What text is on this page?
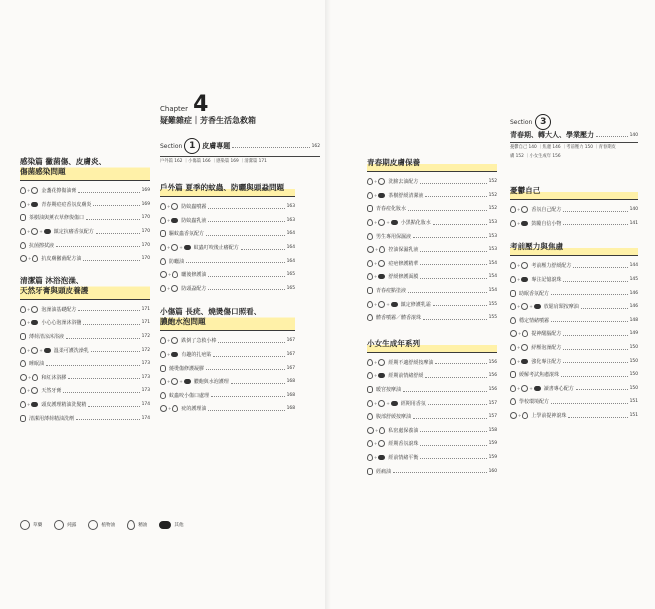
感染篇 黴菌傷、皮膚炎、
傷菌感染問題
+ 金盞花擦傷油膏	169
+ 青春期痘痘香氛皮膚炎	169
茶樹油與薰衣草修復傷口	170
+ + 鎮定抗癢香氛配方	170
抗菌擦拭液	170
+ 抗皮膚黴菌配方油	170
清潔篇 沐浴泡澡、
天然牙膏與頭皮養護
+ 泡澡油基礎配方	171
+ 小心心泡澡沐浴鹽	171
薄荷清涼沐浴液	172
+ + 溫柔可護洗澡乳	172
睡眠油	173
+ 和紅沐浴膠	173
+ 天然牙膏	173
+ 頭皮護理精油洗髮精	174
清潔用薄荷精油洗劑	174
Chapter 4
疑難雜症｜芳香生活急救箱
Section 1 皮膚專題	162
戶外篇 162 ｜小傷篇 166 ｜感染篇 169 ｜清潔篇 171
戶外篇 夏季的蚊蟲、防曬與頭蝨問題
+ 防蚊蟲噴霧	163
+ 防蚊蟲乳液	163
驅蚊蟲香氛配方	164
+ + 蚊蟲叮咬後止癢配方	164
防曬油	164
+ 曬後修護油	165
+ 防頭蝨配方	165
小傷篇 長疣、燒燙傷口照看、
膿皰水泡問題
+ 跌倒了急救小棒	167
+ 有趣的扎疤貼	167
燒燙傷修護凝膠	167
+ + 膿皰與水泡護理	168
蚊蟲咬小傷口處理	168
+ 疣的護理油	168
青春期皮膚保養
+ 洗臉去油配方	152
+ 茶樹舒緩清潔液	152
青春痘化妝水	152
+ + 小黑點化妝水	153
男生專用保濕液	153
+ 控油保濕乳液	153
+ 痘疤修護精華	154
+ 舒緩修護面膜	154
青春痘點塗液	154
+ + 鎮定修護乳霜	155
體香噴霧／體香滾珠	155
小女生成年系列
+ 經期不適舒緩按摩油	156
+ 經期前情緒舒緩	156
暖宮按摩油	156
+ + 經期用香氛	157
腹部舒緩按摩油	157
+ 私密處保養油	158
+ 經期香氛滾珠	159
+ 經前情緒平衡	159
經痛油	160
Section 3
青春期、轉大人、學業壓力	140
憂鬱自己 140 ｜焦慮 146 ｜考前壓力 150 ｜青春期皮
膚 152 ｜小女生成年 156
憂鬱自己
+ 香氛自己配方	140
+ 鼓勵自信小物	141
考前壓力與焦慮
+ 考前壓力舒緩配方	144
+ 專注記憶滾珠	145
助眠香氛配方	146
+ + 放鬆肩頸按摩油	146
穩定情緒噴霧	148
+ 提神醒腦配方	149
+ 紓壓泡澡配方	150
+ 強化專注配方	150
緩解考試焦慮滾珠	150
+ + 讀書專心配方	150
學校環境配方	151
+ 上學前提神滾珠	151
草藥	純露	植物油	精油	其他
